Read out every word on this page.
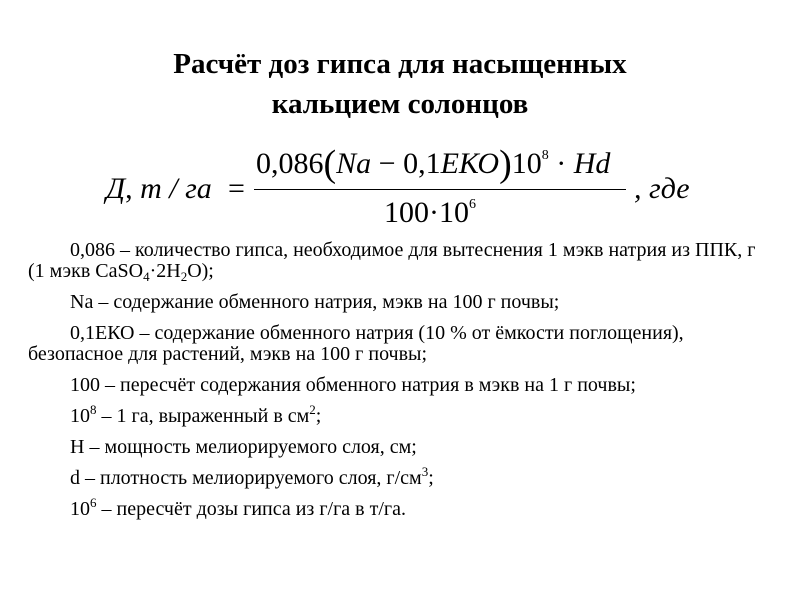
Расчёт доз гипса для насыщенных
кальцием солонцов
Д, т / га =
$0,086(Na - 0,1ЕКО)10^8 \cdot Hd$
$100\cdot 10^6$	, где

0,086 – количество гипса, необходимое для вытеснения 1 мэкв натрия из ППК, г (1 мэкв $CaSO_4\cdot 2H_2O$);

Na – содержание обменного натрия, мэкв на 100 г почвы;

0,1ЕКО – содержание обменного натрия (10 % от ёмкости поглощения), безопасное для растений, мэкв на 100 г почвы;

100 – пересчёт содержания обменного натрия в мэкв на 1 г почвы;

$10^8 - 1$ га, выраженный в $см^2$;

H – мощность мелиорируемого слоя, см;

d – плотность мелиорируемого слоя, $г/см^3$;

$10^6$ – пересчёт дозы гипса из г/га в т/га.
